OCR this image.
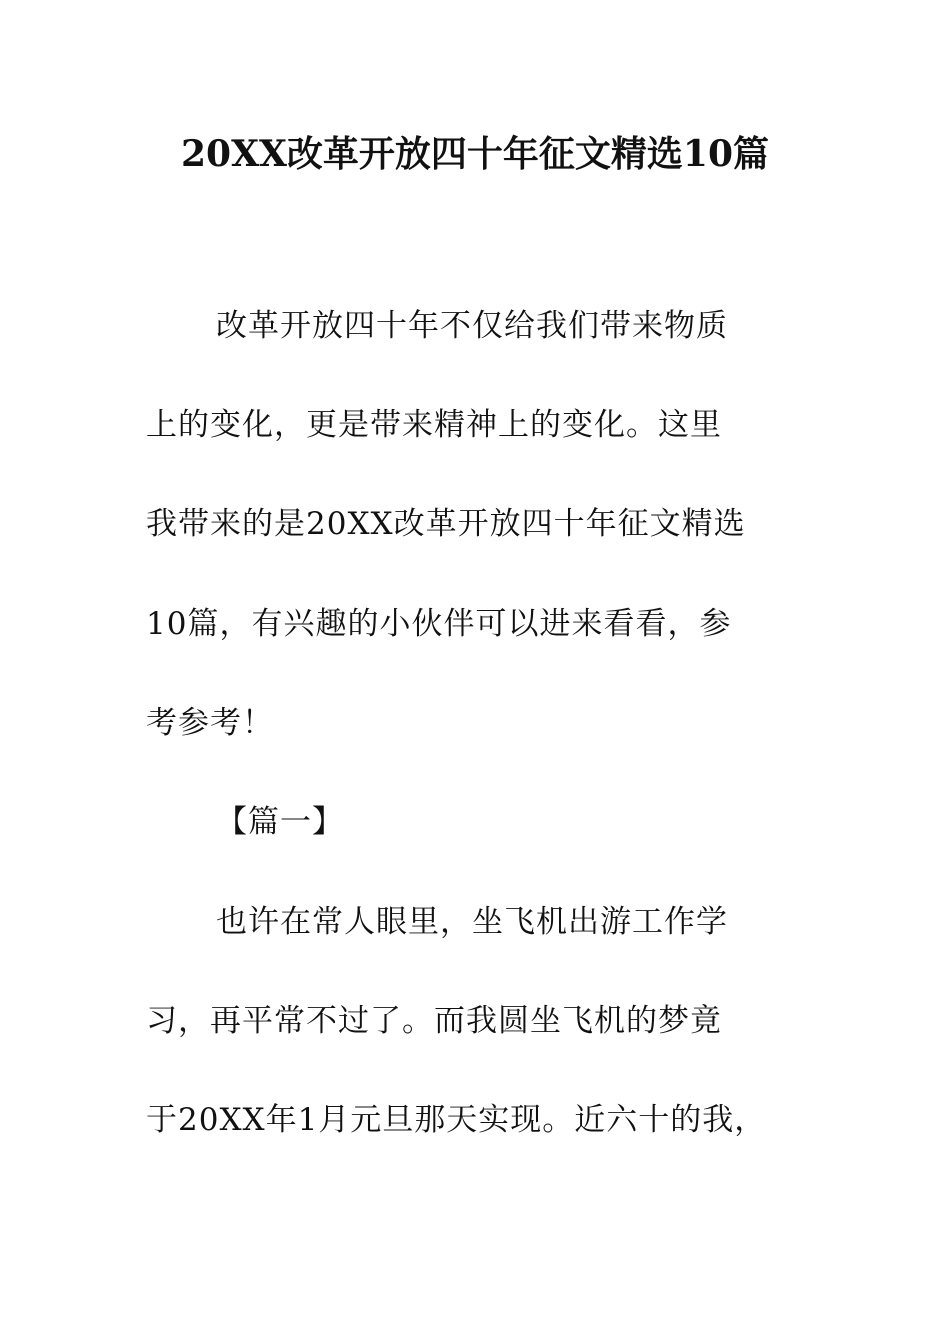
20XX改革开放四十年征文精选10篇
改革开放四十年不仅给我们带来物质
上的变化，更是带来精神上的变化。这里
我带来的是20XX改革开放四十年征文精选
10篇，有兴趣的小伙伴可以进来看看，参
考参考！
【篇一】
也许在常人眼里，坐飞机出游工作学
习，再平常不过了。而我圆坐飞机的梦竟
于20XX年1月元旦那天实现。近六十的我，
